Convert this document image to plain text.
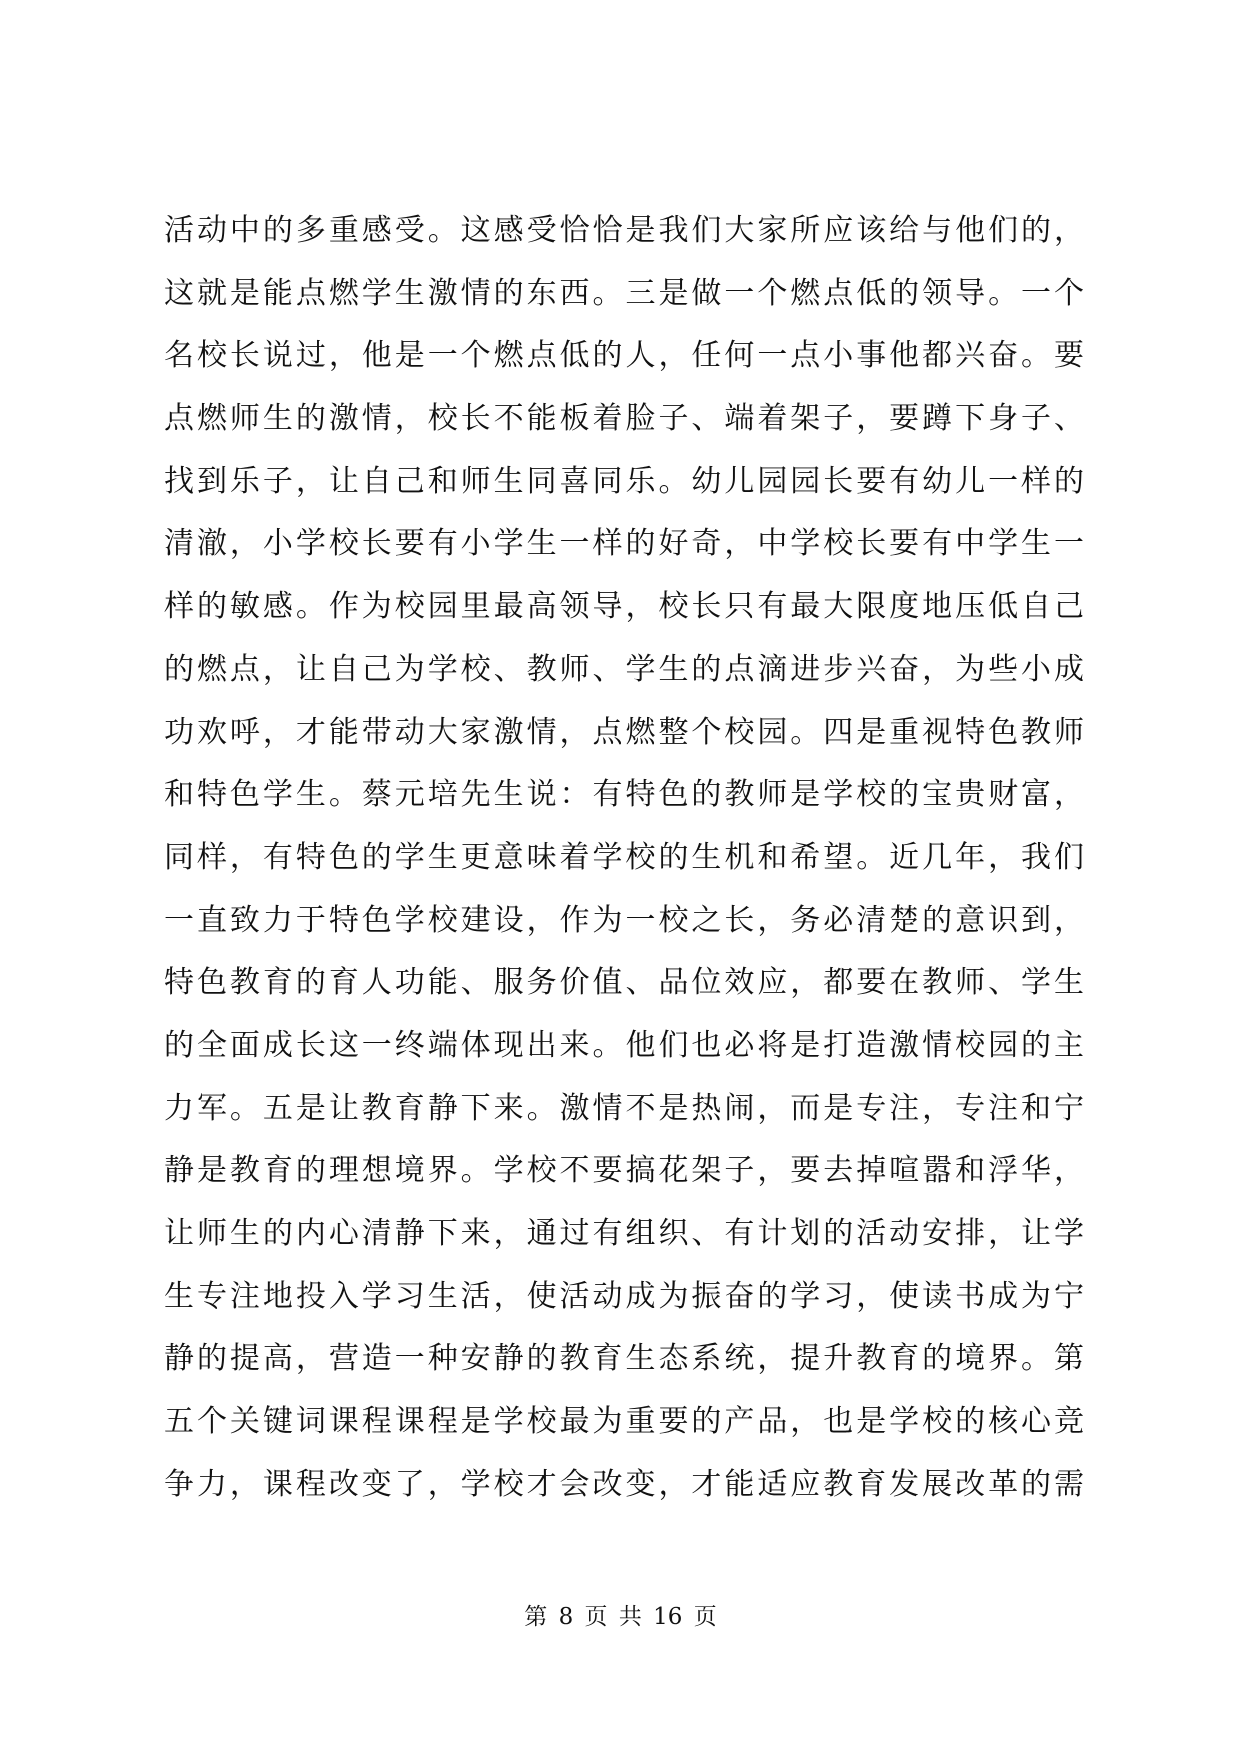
活动中的多重感受。这感受恰恰是我们大家所应该给与他们的，
这就是能点燃学生激情的东西。三是做一个燃点低的领导。一个
名校长说过，他是一个燃点低的人，任何一点小事他都兴奋。要
点燃师生的激情，校长不能板着脸子、端着架子，要蹲下身子、
找到乐子，让自己和师生同喜同乐。幼儿园园长要有幼儿一样的
清澈，小学校长要有小学生一样的好奇，中学校长要有中学生一
样的敏感。作为校园里最高领导，校长只有最大限度地压低自己
的燃点，让自己为学校、教师、学生的点滴进步兴奋，为些小成
功欢呼，才能带动大家激情，点燃整个校园。四是重视特色教师
和特色学生。蔡元培先生说：有特色的教师是学校的宝贵财富，
同样，有特色的学生更意味着学校的生机和希望。近几年，我们
一直致力于特色学校建设，作为一校之长，务必清楚的意识到，
特色教育的育人功能、服务价值、品位效应，都要在教师、学生
的全面成长这一终端体现出来。他们也必将是打造激情校园的主
力军。五是让教育静下来。激情不是热闹，而是专注，专注和宁
静是教育的理想境界。学校不要搞花架子，要去掉喧嚣和浮华，
让师生的内心清静下来，通过有组织、有计划的活动安排，让学
生专注地投入学习生活，使活动成为振奋的学习，使读书成为宁
静的提高，营造一种安静的教育生态系统，提升教育的境界。第
五个关键词课程课程是学校最为重要的产品，也是学校的核心竞
争力，课程改变了，学校才会改变，才能适应教育发展改革的需
第 8 页 共 16 页
